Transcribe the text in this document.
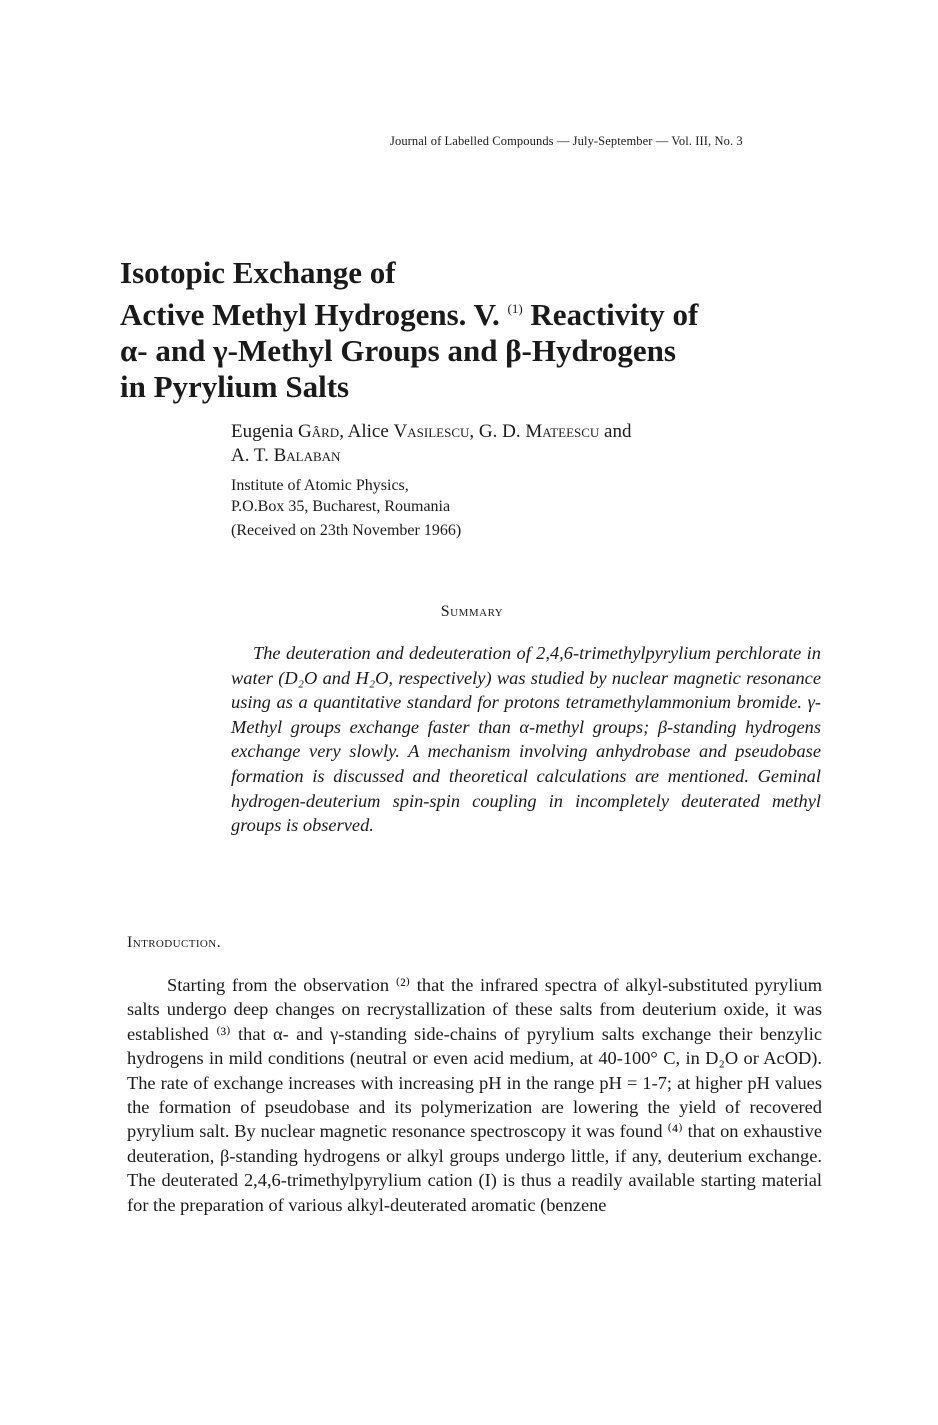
Journal of Labelled Compounds — July-September — Vol. III, No. 3
Isotopic Exchange of
Active Methyl Hydrogens. V. $^{(1)}$ Reactivity of
α- and γ-Methyl Groups and β-Hydrogens
in Pyrylium Salts
Eugenia Gârd, Alice Vasilescu, G. D. Mateescu and
A. T. Balaban
Institute of Atomic Physics,
P.O.Box 35, Bucharest, Roumania
(Received on 23th November 1966)
Summary
The deuteration and dedeuteration of 2,4,6-trimethylpyrylium perchlorate in water (D₂O and H₂O, respectively) was studied by nuclear magnetic resonance using as a quantitative standard for protons tetramethylammonium bromide. γ-Methyl groups exchange faster than α-methyl groups; β-standing hydrogens exchange very slowly. A mechanism involving anhydrobase and pseudobase formation is discussed and theoretical calculations are mentioned. Geminal hydrogen-deuterium spin-spin coupling in incompletely deuterated methyl groups is observed.
Introduction.
Starting from the observation ⁽²⁾ that the infrared spectra of alkyl-substituted pyrylium salts undergo deep changes on recrystallization of these salts from deuterium oxide, it was established ⁽³⁾ that α- and γ-standing side-chains of pyrylium salts exchange their benzylic hydrogens in mild conditions (neutral or even acid medium, at 40-100° C, in D₂O or AcOD). The rate of exchange increases with increasing pH in the range pH = 1-7; at higher pH values the formation of pseudobase and its polymerization are lowering the yield of recovered pyrylium salt. By nuclear magnetic resonance spectroscopy it was found ⁽⁴⁾ that on exhaustive deuteration, β-standing hydrogens or alkyl groups undergo little, if any, deuterium exchange. The deuterated 2,4,6-trimethylpyrylium cation (I) is thus a readily available starting material for the preparation of various alkyl-deuterated aromatic (benzene
